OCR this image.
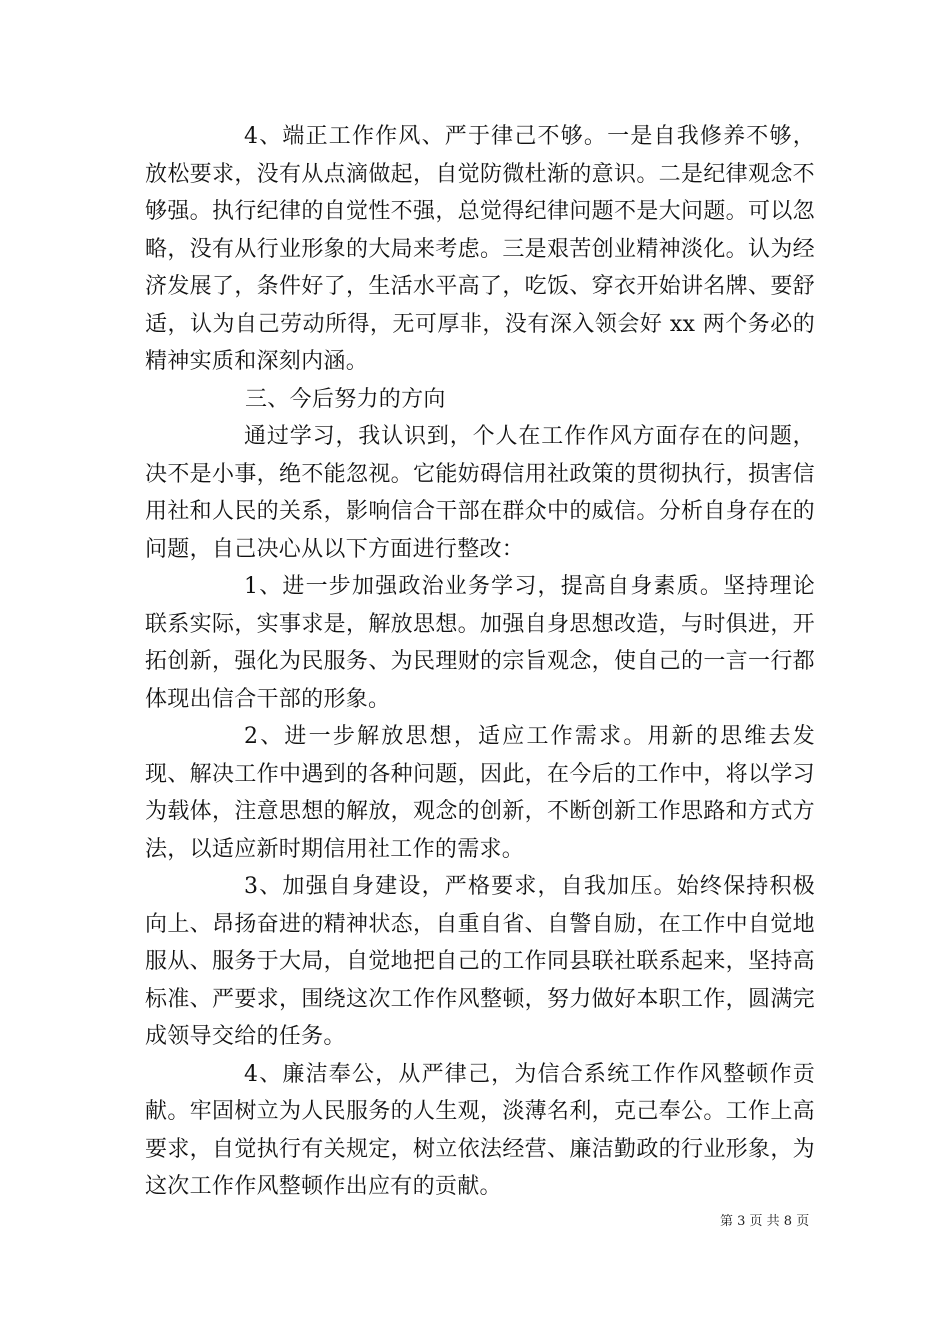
4、端正工作作风、严于律己不够。一是自我修养不够，放松要求，没有从点滴做起，自觉防微杜渐的意识。二是纪律观念不够强。执行纪律的自觉性不强，总觉得纪律问题不是大问题。可以忽略，没有从行业形象的大局来考虑。三是艰苦创业精神淡化。认为经济发展了，条件好了，生活水平高了，吃饭、穿衣开始讲名牌、要舒适，认为自己劳动所得，无可厚非，没有深入领会好 xx 两个务必的精神实质和深刻内涵。

三、今后努力的方向

通过学习，我认识到，个人在工作作风方面存在的问题，决不是小事，绝不能忽视。它能妨碍信用社政策的贯彻执行，损害信用社和人民的关系，影响信合干部在群众中的威信。分析自身存在的问题，自己决心从以下方面进行整改：

1、进一步加强政治业务学习，提高自身素质。坚持理论联系实际，实事求是，解放思想。加强自身思想改造，与时俱进，开拓创新，强化为民服务、为民理财的宗旨观念，使自己的一言一行都体现出信合干部的形象。

2、进一步解放思想，适应工作需求。用新的思维去发现、解决工作中遇到的各种问题，因此，在今后的工作中，将以学习为载体，注意思想的解放，观念的创新，不断创新工作思路和方式方法，以适应新时期信用社工作的需求。

3、加强自身建设，严格要求，自我加压。始终保持积极向上、昂扬奋进的精神状态，自重自省、自警自励，在工作中自觉地服从、服务于大局，自觉地把自己的工作同县联社联系起来，坚持高标准、严要求，围绕这次工作作风整顿，努力做好本职工作，圆满完成领导交给的任务。

4、廉洁奉公，从严律己，为信合系统工作作风整顿作贡献。牢固树立为人民服务的人生观，淡薄名利，克己奉公。工作上高要求，自觉执行有关规定，树立依法经营、廉洁勤政的行业形象，为这次工作作风整顿作出应有的贡献。

第 3 页 共 8 页
